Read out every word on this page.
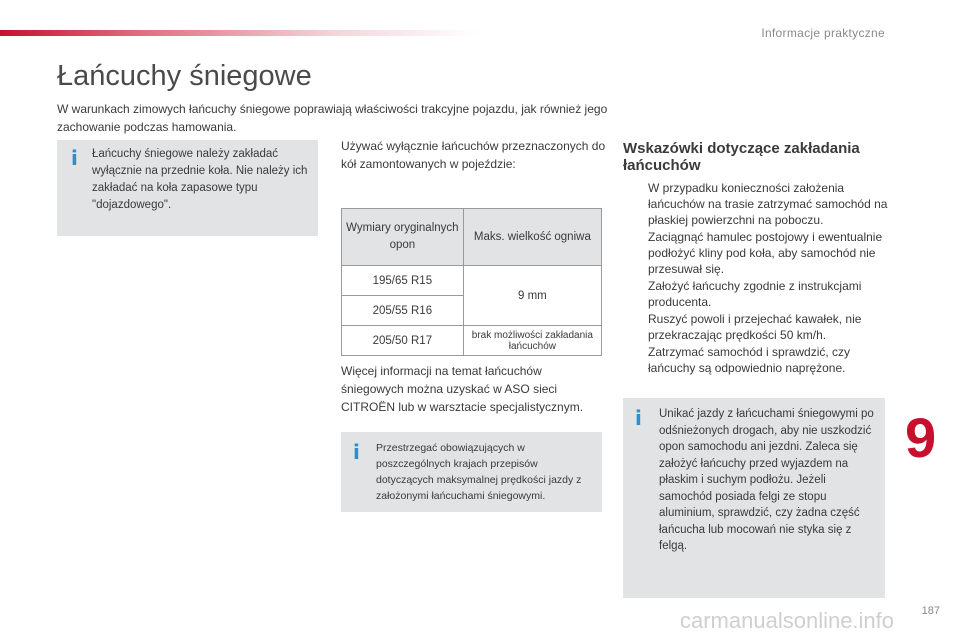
Informacje praktyczne
Łańcuchy śniegowe
W warunkach zimowych łańcuchy śniegowe poprawiają właściwości trakcyjne pojazdu, jak również jego zachowanie podczas hamowania.
i Łańcuchy śniegowe należy zakładać wyłącznie na przednie koła. Nie należy ich zakładać na koła zapasowe typu "dojazdowego".
Używać wyłącznie łańcuchów przeznaczonych do kół zamontowanych w pojeździe:
Wymiary oryginalnych opon	Maks. wielkość ogniwa
195/65 R15	9 mm
205/55 R16	
205/50 R17	brak możliwości zakładania łańcuchów
Więcej informacji na temat łańcuchów śniegowych można uzyskać w ASO sieci CITROËN lub w warsztacie specjalistycznym.
i Przestrzegać obowiązujących w poszczególnych krajach przepisów dotyczących maksymalnej prędkości jazdy z założonymi łańcuchami śniegowymi.
Wskazówki dotyczące zakładania łańcuchów
W przypadku konieczności założenia łańcuchów na trasie zatrzymać samochód na płaskiej powierzchni na poboczu.
Zaciągnąć hamulec postojowy i ewentualnie podłożyć kliny pod koła, aby samochód nie przesuwał się.
Założyć łańcuchy zgodnie z instrukcjami producenta.
Ruszyć powoli i przejechać kawałek, nie przekraczając prędkości 50 km/h.
Zatrzymać samochód i sprawdzić, czy łańcuchy są odpowiednio naprężone.
i Unikać jazdy z łańcuchami śniegowymi po odśnieżonych drogach, aby nie uszkodzić opon samochodu ani jezdni. Zaleca się założyć łańcuchy przed wyjazdem na płaskim i suchym podłożu. Jeżeli samochód posiada felgi ze stopu aluminium, sprawdzić, czy żadna część łańcucha lub mocowań nie styka się z felgą.
9
carmanualsonline.info	187
